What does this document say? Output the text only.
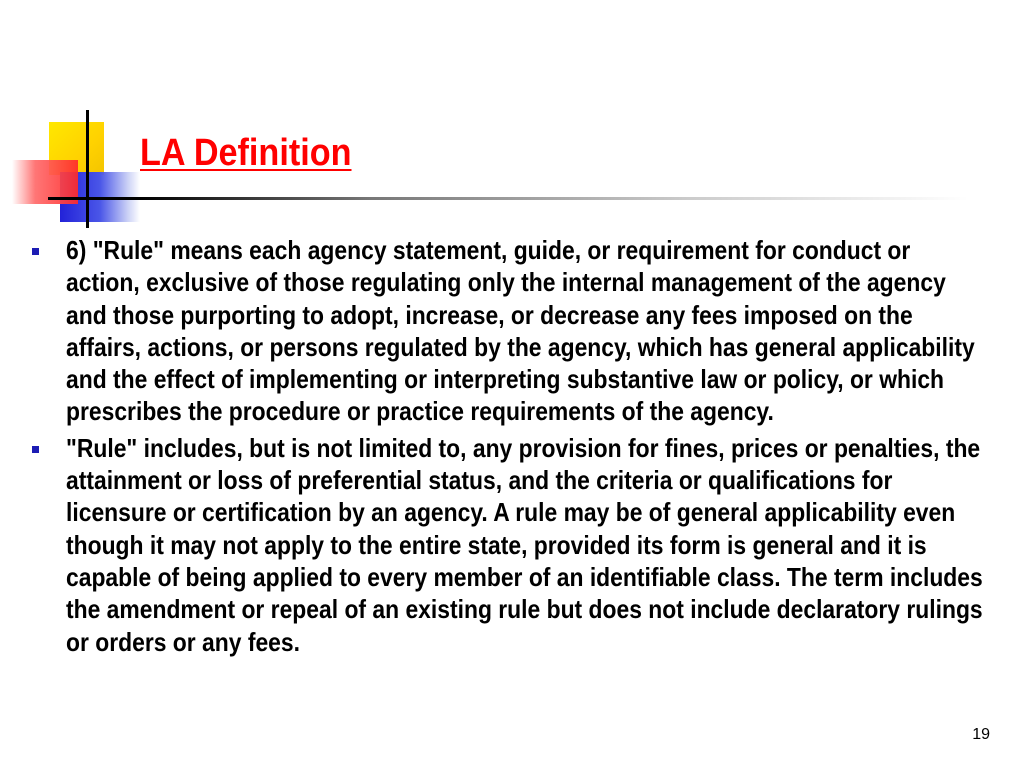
LA Definition

6) "Rule" means each agency statement, guide, or requirement for conduct or action, exclusive of those regulating only the internal management of the agency and those purporting to adopt, increase, or decrease any fees imposed on the affairs, actions, or persons regulated by the agency, which has general applicability and the effect of implementing or interpreting substantive law or policy, or which prescribes the procedure or practice requirements of the agency.

"Rule" includes, but is not limited to, any provision for fines, prices or penalties, the attainment or loss of preferential status, and the criteria or qualifications for licensure or certification by an agency. A rule may be of general applicability even though it may not apply to the entire state, provided its form is general and it is capable of being applied to every member of an identifiable class. The term includes the amendment or repeal of an existing rule but does not include declaratory rulings or orders or any fees.

19
